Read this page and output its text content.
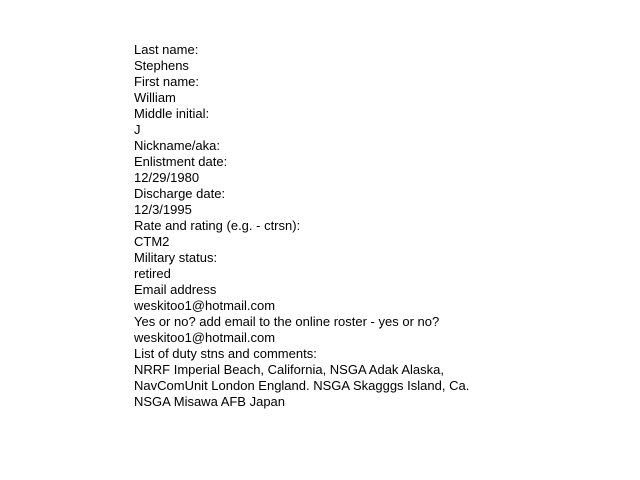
Last name:
Stephens
First name:
William
Middle initial:
J
Nickname/aka:
Enlistment date:
12/29/1980
Discharge date:
12/3/1995
Rate and rating (e.g. - ctrsn):
CTM2
Military status:
retired
Email address
weskitoo1@hotmail.com
Yes or no? add email to the online roster - yes or no?
weskitoo1@hotmail.com
List of duty stns and comments:
NRRF Imperial Beach, California, NSGA Adak Alaska,
NavComUnit London England. NSGA Skagggs Island, Ca.
NSGA Misawa AFB Japan
